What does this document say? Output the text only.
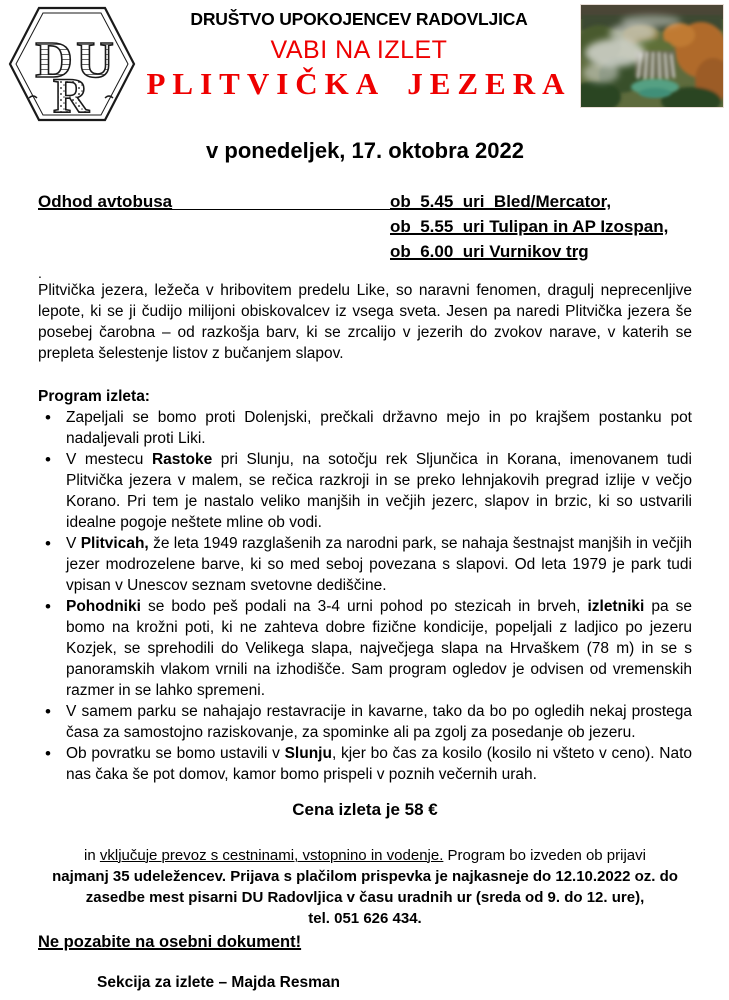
D U
R
DRUŠTVO UPOKOJENCEV RADOVLJICA
VABI NA IZLET
PLITVIČKA JEZERA
v ponedeljek, 17. oktobra 2022
Odhod avtobusa	ob  5.45  uri  Bled/Mercator,
ob  5.55  uri Tulipan in AP Izospan,
ob  6.00  uri Vurnikov trg
.
Plitvička jezera, ležeča v hribovitem predelu Like, so naravni fenomen, dragulj neprecenljive lepote, ki se ji čudijo milijoni obiskovalcev iz vsega sveta. Jesen pa naredi Plitvička jezera še posebej čarobna – od razkošja barv, ki se zrcalijo v jezerih do zvokov narave, v katerih se prepleta šelestenje listov z bučanjem slapov.
Program izleta:
• Zapeljali se bomo proti Dolenjski, prečkali državno mejo in po krajšem postanku pot nadaljevali proti Liki.
• V mestecu Rastoke pri Slunju, na sotočju rek Sljunčica in Korana, imenovanem tudi Plitvička jezera v malem, se rečica razkroji in se preko lehnjakovih pregrad izlije v večjo Korano. Pri tem je nastalo veliko manjših in večjih jezerc, slapov in brzic, ki so ustvarili idealne pogoje neštete mline ob vodi.
• V Plitvicah, že leta 1949 razglašenih za narodni park, se nahaja šestnajst manjših in večjih jezer modrozelene barve, ki so med seboj povezana s slapovi. Od leta 1979 je park tudi vpisan v Unescov seznam svetovne dediščine.
• Pohodniki se bodo peš podali na 3-4 urni pohod po stezicah in brveh, izletniki pa se bomo na krožni poti, ki ne zahteva dobre fizične kondicije, popeljali z ladjico po jezeru Kozjek, se sprehodili do Velikega slapa, največjega slapa na Hrvaškem (78 m) in se s panoramskih vlakom vrnili na izhodišče. Sam program ogledov je odvisen od vremenskih razmer in se lahko spremeni.
• V samem parku se nahajajo restavracije in kavarne, tako da bo po ogledih nekaj prostega časa za samostojno raziskovanje, za spominke ali pa zgolj za posedanje ob jezeru.
• Ob povratku se bomo ustavili v Slunju, kjer bo čas za kosilo (kosilo ni všteto v ceno). Nato nas čaka še pot domov, kamor bomo prispeli v poznih večernih urah.
Cena izleta je 58 €
in vključuje prevoz s cestninami, vstopnino in vodenje. Program bo izveden ob prijavi
najmanj 35 udeležencev. Prijava s plačilom prispevka je najkasneje do 12.10.2022 oz. do
zasedbe mest pisarni DU Radovljica v času uradnih ur (sreda od 9. do 12. ure),
tel. 051 626 434.
Ne pozabite na osebni dokument!
Sekcija za izlete – Majda Resman
